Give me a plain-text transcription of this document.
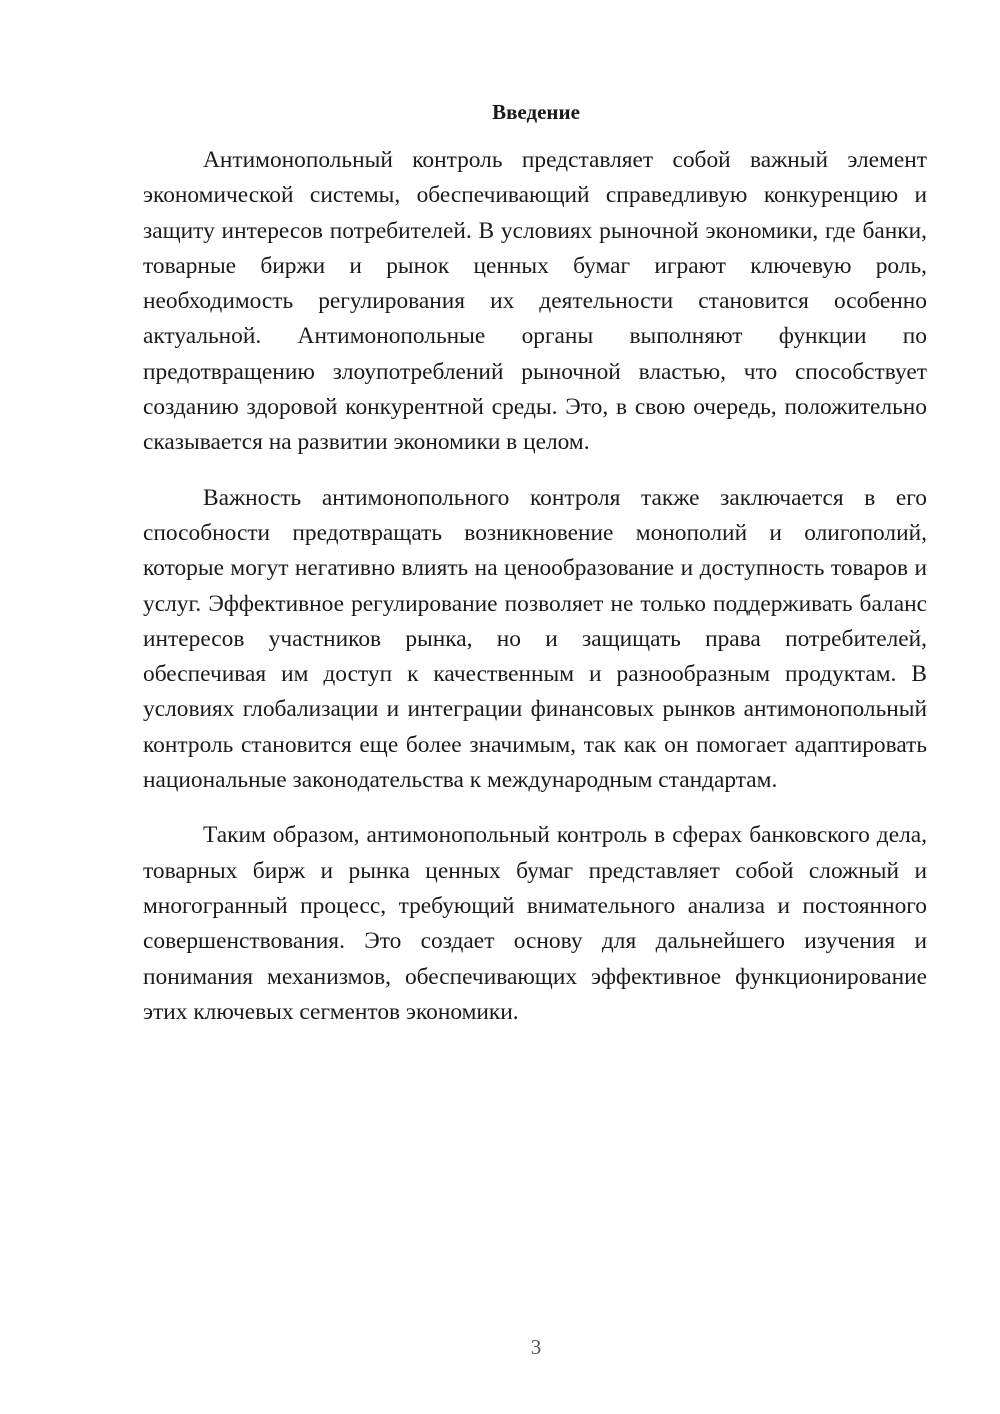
Введение

Антимонопольный контроль представляет собой важный элемент экономической системы, обеспечивающий справедливую конкуренцию и защиту интересов потребителей. В условиях рыночной экономики, где банки, товарные биржи и рынок ценных бумаг играют ключевую роль, необходимость регулирования их деятельности становится особенно актуальной. Антимонопольные органы выполняют функции по предотвращению злоупотреблений рыночной властью, что способствует созданию здоровой конкурентной среды. Это, в свою очередь, положительно сказывается на развитии экономики в целом.

Важность антимонопольного контроля также заключается в его способности предотвращать возникновение монополий и олигополий, которые могут негативно влиять на ценообразование и доступность товаров и услуг. Эффективное регулирование позволяет не только поддерживать баланс интересов участников рынка, но и защищать права потребителей, обеспечивая им доступ к качественным и разнообразным продуктам. В условиях глобализации и интеграции финансовых рынков антимонопольный контроль становится еще более значимым, так как он помогает адаптировать национальные законодательства к международным стандартам.

Таким образом, антимонопольный контроль в сферах банковского дела, товарных бирж и рынка ценных бумаг представляет собой сложный и многогранный процесс, требующий внимательного анализа и постоянного совершенствования. Это создает основу для дальнейшего изучения и понимания механизмов, обеспечивающих эффективное функционирование этих ключевых сегментов экономики.

3
